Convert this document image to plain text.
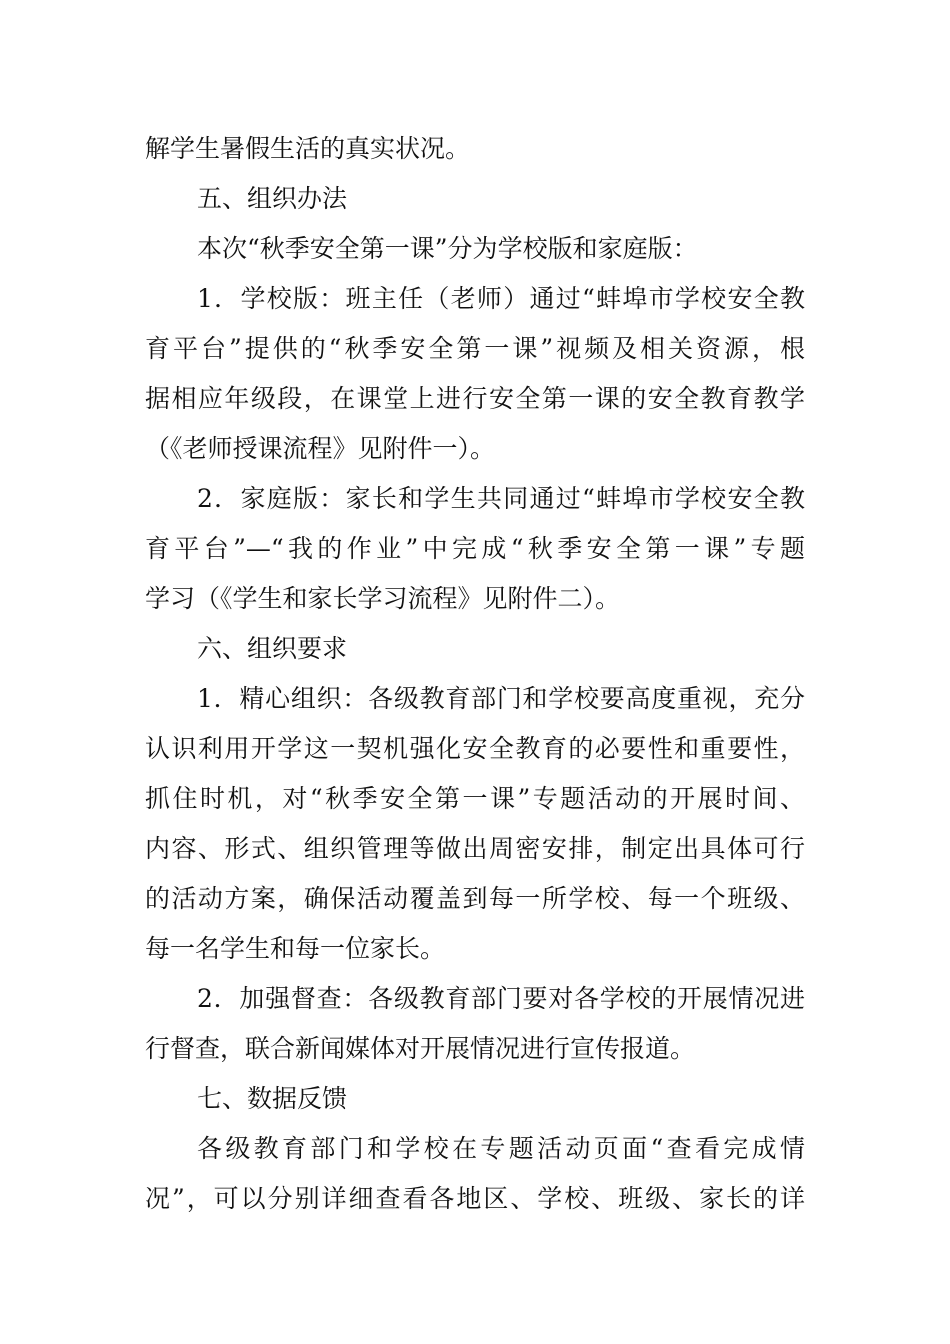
解学生暑假生活的真实状况。
五、组织办法
本次“秋季安全第一课”分为学校版和家庭版：
1．学校版：班主任（老师）通过“蚌埠市学校安全教
育平台”提供的“秋季安全第一课”视频及相关资源，根
据相应年级段，在课堂上进行安全第一课的安全教育教学
（《老师授课流程》见附件一）。
2．家庭版：家长和学生共同通过“蚌埠市学校安全教
育平台”—“我的作业”中完成“秋季安全第一课”专题
学习（《学生和家长学习流程》见附件二）。
六、组织要求
1．精心组织：各级教育部门和学校要高度重视，充分
认识利用开学这一契机强化安全教育的必要性和重要性，
抓住时机，对“秋季安全第一课”专题活动的开展时间、
内容、形式、组织管理等做出周密安排，制定出具体可行
的活动方案，确保活动覆盖到每一所学校、每一个班级、
每一名学生和每一位家长。
2．加强督查：各级教育部门要对各学校的开展情况进
行督查，联合新闻媒体对开展情况进行宣传报道。
七、数据反馈
各级教育部门和学校在专题活动页面“查看完成情
况”，可以分别详细查看各地区、学校、班级、家长的详
